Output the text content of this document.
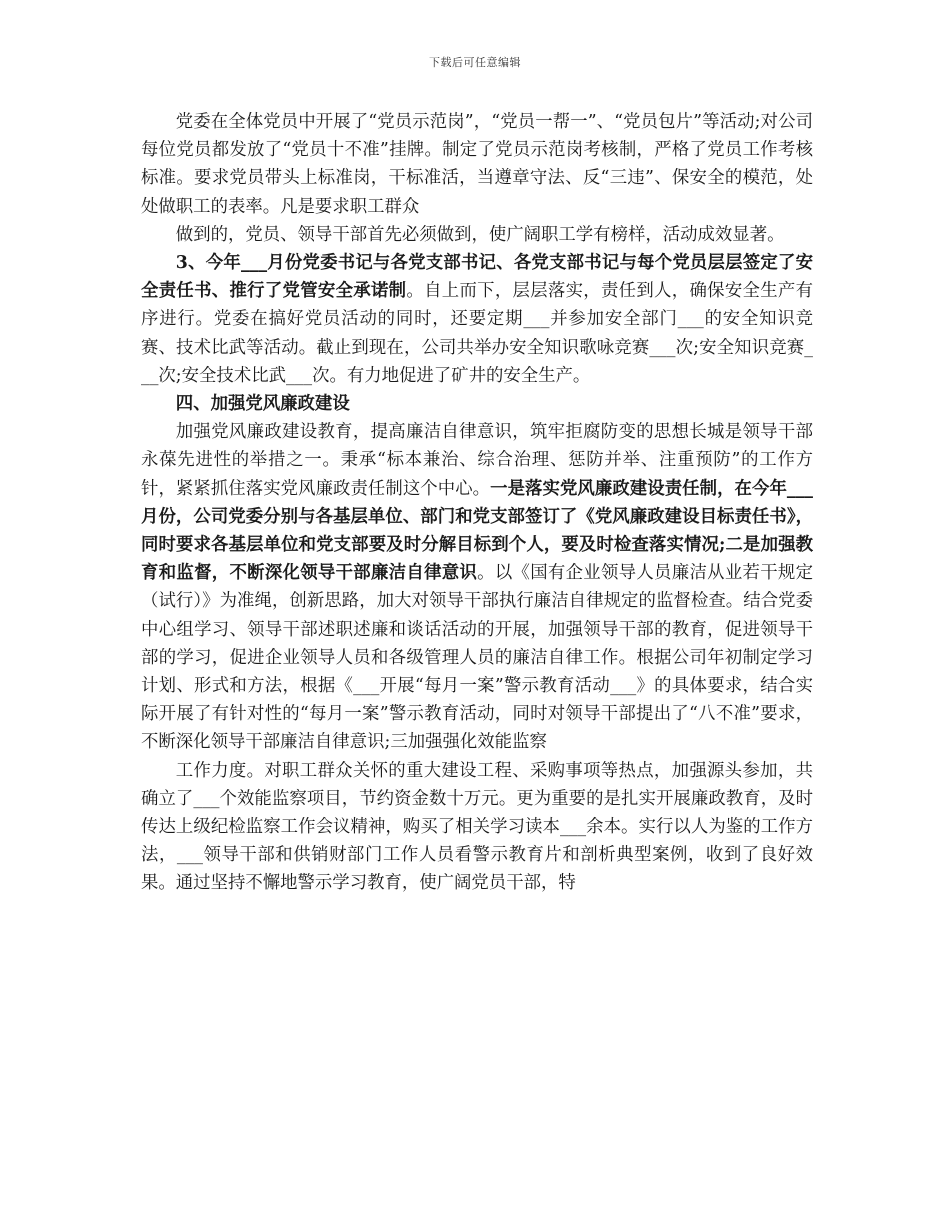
下载后可任意编辑

党委在全体党员中开展了“党员示范岗”，“党员一帮一”、“党员包片”等活动;对公司每位党员都发放了“党员十不准”挂牌。制定了党员示范岗考核制，严格了党员工作考核标准。要求党员带头上标准岗，干标准活，当遵章守法、反“三违”、保安全的模范，处处做职工的表率。凡是要求职工群众

做到的，党员、领导干部首先必须做到，使广阔职工学有榜样，活动成效显著。

3、今年___月份党委书记与各党支部书记、各党支部书记与每个党员层层签定了安全责任书、推行了党管安全承诺制。自上而下，层层落实，责任到人，确保安全生产有序进行。党委在搞好党员活动的同时，还要定期___并参加安全部门___的安全知识竞赛、技术比武等活动。截止到现在，公司共举办安全知识歌咏竞赛___次;安全知识竞赛___次;安全技术比武___次。有力地促进了矿井的安全生产。

四、加强党风廉政建设

加强党风廉政建设教育，提高廉洁自律意识，筑牢拒腐防变的思想长城是领导干部永葆先进性的举措之一。秉承“标本兼治、综合治理、惩防并举、注重预防”的工作方针，紧紧抓住落实党风廉政责任制这个中心。一是落实党风廉政建设责任制，在今年___月份，公司党委分别与各基层单位、部门和党支部签订了《党风廉政建设目标责任书》，同时要求各基层单位和党支部要及时分解目标到个人，要及时检查落实情况;二是加强教育和监督，不断深化领导干部廉洁自律意识。以《国有企业领导人员廉洁从业若干规定（试行）》为准绳，创新思路，加大对领导干部执行廉洁自律规定的监督检查。结合党委中心组学习、领导干部述职述廉和谈话活动的开展，加强领导干部的教育，促进领导干部的学习，促进企业领导人员和各级管理人员的廉洁自律工作。根据公司年初制定学习计划、形式和方法，根据《___开展“每月一案”警示教育活动___》的具体要求，结合实际开展了有针对性的“每月一案”警示教育活动，同时对领导干部提出了“八不准”要求，不断深化领导干部廉洁自律意识;三加强强化效能监察

工作力度。对职工群众关怀的重大建设工程、采购事项等热点，加强源头参加，共确立了___个效能监察项目，节约资金数十万元。更为重要的是扎实开展廉政教育，及时传达上级纪检监察工作会议精神，购买了相关学习读本___余本。实行以人为鉴的工作方法，___领导干部和供销财部门工作人员看警示教育片和剖析典型案例，收到了良好效果。通过坚持不懈地警示学习教育，使广阔党员干部，特
